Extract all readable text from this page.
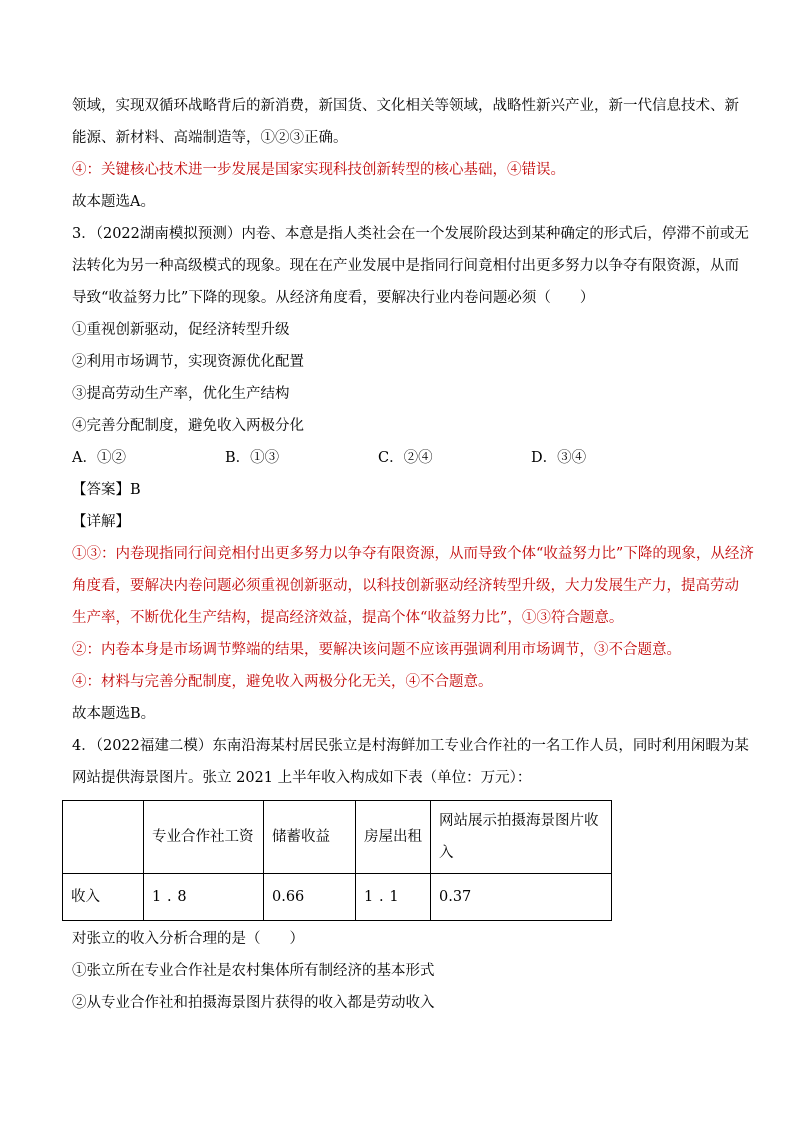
领域，实现双循环战略背后的新消费，新国货、文化相关等领域，战略性新兴产业，新一代信息技术、新

能源、新材料、高端制造等，①②③正确。

④：关键核心技术进一步发展是国家实现科技创新转型的核心基础，④错误。

故本题选A。

3．（2022湖南模拟预测）内卷、本意是指人类社会在一个发展阶段达到某种确定的形式后，停滞不前或无

法转化为另一种高级模式的现象。现在在产业发展中是指同行间竟相付出更多努力以争夺有限资源，从而

导致“收益努力比”下降的现象。从经济角度看，要解决行业内卷问题必须（　　）

①重视创新驱动，促经济转型升级

②利用市场调节，实现资源优化配置

③提高劳动生产率，优化生产结构

④完善分配制度，避免收入两极分化

A．①②	B．①③	C．②④	D．③④

【答案】B

【详解】

①③：内卷现指同行间竞相付出更多努力以争夺有限资源，从而导致个体“收益努力比”下降的现象，从经济

角度看，要解决内卷问题必须重视创新驱动，以科技创新驱动经济转型升级，大力发展生产力，提高劳动

生产率，不断优化生产结构，提高经济效益，提高个体“收益努力比”，①③符合题意。

②：内卷本身是市场调节弊端的结果，要解决该问题不应该再强调利用市场调节，③不合题意。

④：材料与完善分配制度，避免收入两极分化无关，④不合题意。

故本题选B。

4．（2022福建二模）东南沿海某村居民张立是村海鲜加工专业合作社的一名工作人员，同时利用闲暇为某

网站提供海景图片。张立 2021 上半年收入构成如下表（单位：万元）：

	专业合作社工资	储蓄收益	房屋出租	网站展示拍摄海景图片收入
收入	1.8	0.66	1.1	0.37

对张立的收入分析合理的是（　　）

①张立所在专业合作社是农村集体所有制经济的基本形式

②从专业合作社和拍摄海景图片获得的收入都是劳动收入
